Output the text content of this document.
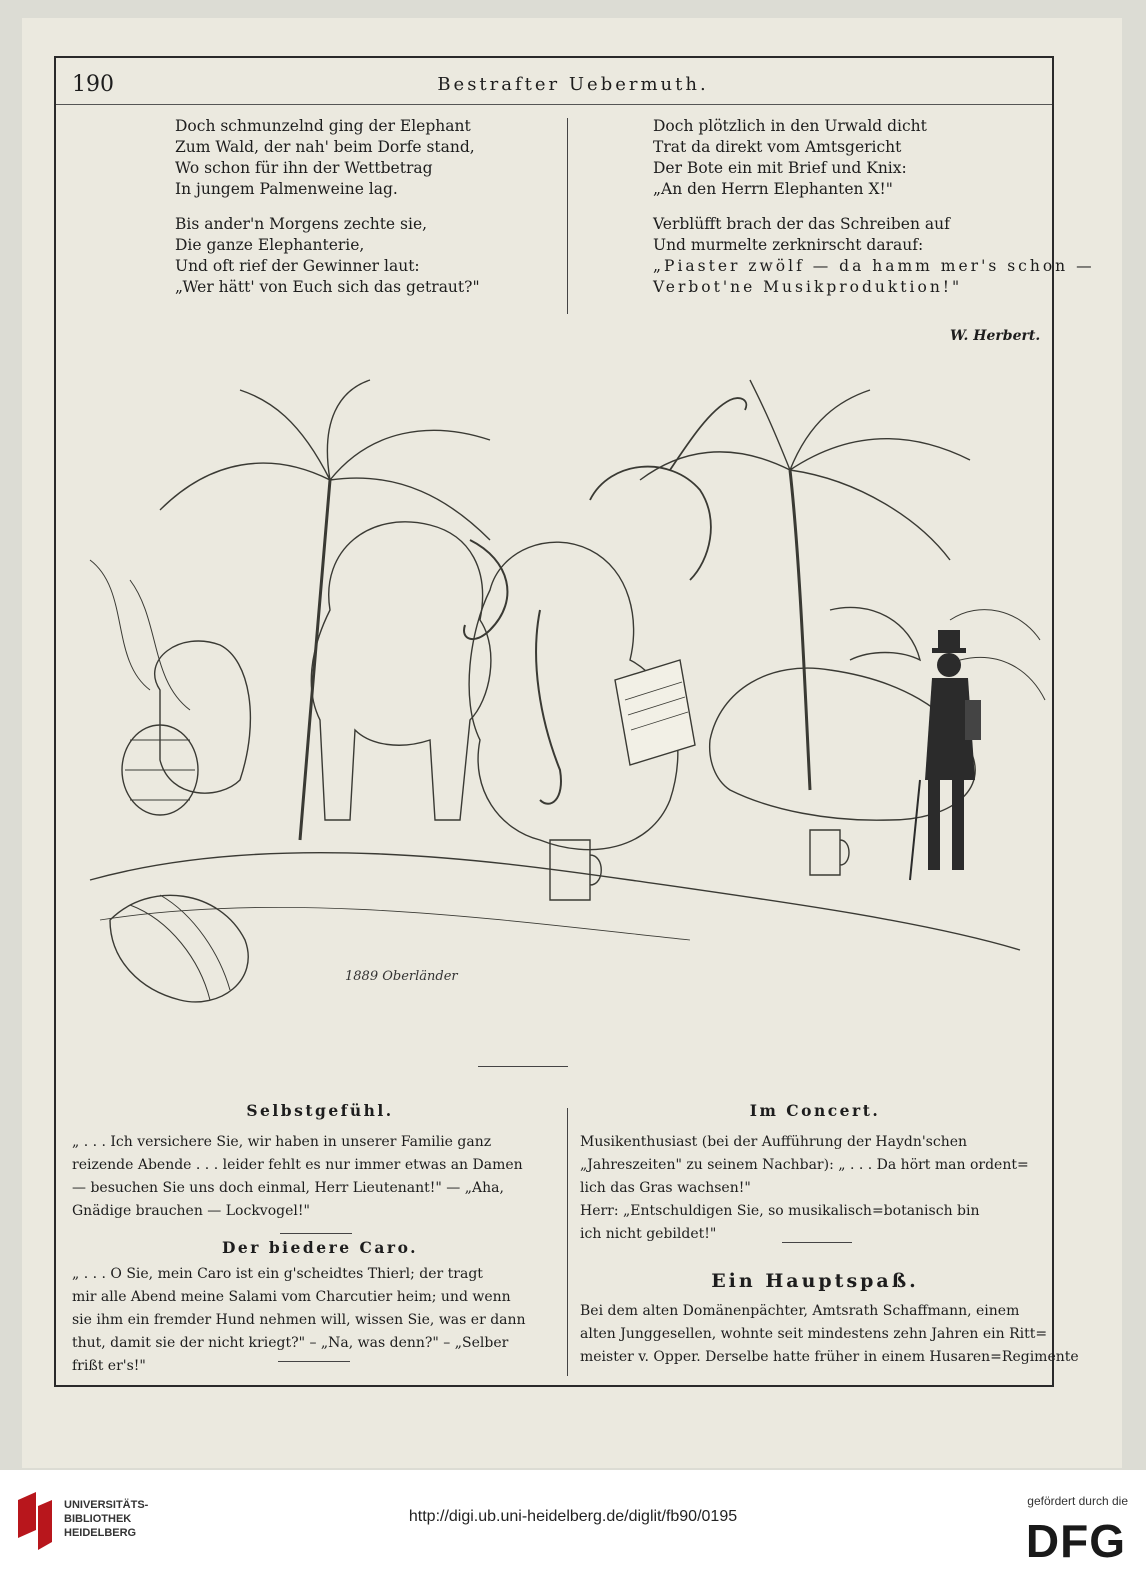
190	Bestrafter Uebermuth.
Doch schmunzelnd ging der Elephant
Zum Wald, der nah' beim Dorfe stand,
Wo schon für ihn der Wettbetrag
In jungem Palmenweine lag.
Bis ander'n Morgens zechte sie,
Die ganze Elephanterie,
Und oft rief der Gewinner laut:
„Wer hätt' von Euch sich das getraut?"
Doch plötzlich in den Urwald dicht
Trat da direkt vom Amtsgericht
Der Bote ein mit Brief und Knix:
„An den Herrn Elephanten X!"
Verblüfft brach der das Schreiben auf
Und murmelte zerknirscht darauf:
„Piaster zwölf — da hamm mer's schon —
Verbot'ne Musikproduktion!"
W. Herbert.
1889 Oberländer
Selbstgefühl.
„ . . . Ich versichere Sie, wir haben in unserer Familie ganz
reizende Abende . . . leider fehlt es nur immer etwas an Damen
— besuchen Sie uns doch einmal, Herr Lieutenant!" — „Aha,
Gnädige brauchen — Lockvogel!"
Der biedere Caro.
„ . . . O Sie, mein Caro ist ein g'scheidtes Thierl; der tragt
mir alle Abend meine Salami vom Charcutier heim; und wenn
sie ihm ein fremder Hund nehmen will, wissen Sie, was er dann
thut, damit sie der nicht kriegt?" – „Na, was denn?" – „Selber
frißt er's!"
Im Concert.
Musikenthusiast (bei der Aufführung der Haydn'schen
„Jahreszeiten" zu seinem Nachbar): „ . . . Da hört man ordent=
lich das Gras wachsen!"
Herr: „Entschuldigen Sie, so musikalisch=botanisch bin
ich nicht gebildet!"
Ein Hauptspaß.
Bei dem alten Domänenpächter, Amtsrath Schaffmann, einem
alten Junggesellen, wohnte seit mindestens zehn Jahren ein Ritt=
meister v. Opper. Derselbe hatte früher in einem Husaren=Regimente
UNIVERSITÄTS-
BIBLIOTHEK
HEIDELBERG
http://digi.ub.uni-heidelberg.de/diglit/fb90/0195
gefördert durch die
DFG
